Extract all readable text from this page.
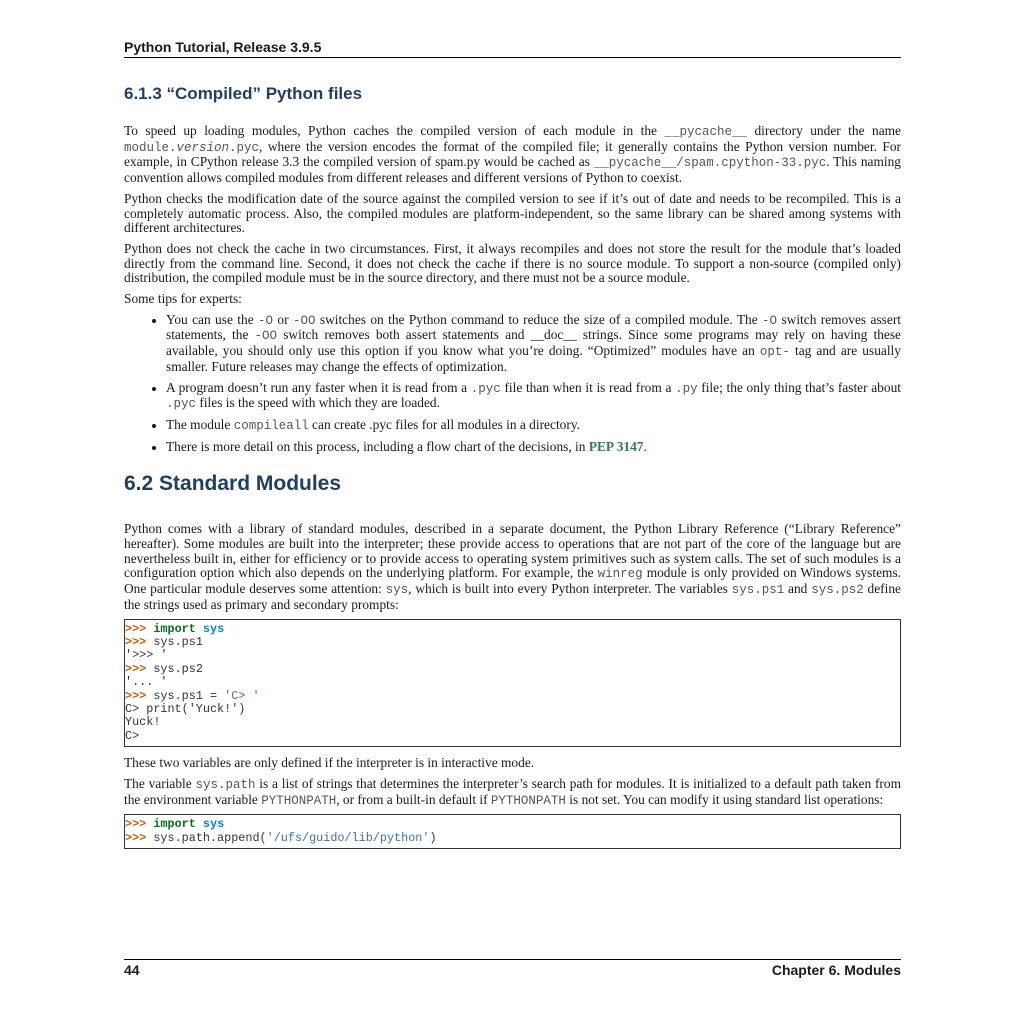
Python Tutorial, Release 3.9.5
6.1.3 “Compiled” Python files

To speed up loading modules, Python caches the compiled version of each module in the __pycache__ directory under the name module.version.pyc, where the version encodes the format of the compiled file; it generally contains the Python version number. For example, in CPython release 3.3 the compiled version of spam.py would be cached as __pycache__/spam.cpython-33.pyc. This naming convention allows compiled modules from different releases and different versions of Python to coexist.

Python checks the modification date of the source against the compiled version to see if it’s out of date and needs to be recompiled. This is a completely automatic process. Also, the compiled modules are platform-independent, so the same library can be shared among systems with different architectures.

Python does not check the cache in two circumstances. First, it always recompiles and does not store the result for the module that’s loaded directly from the command line. Second, it does not check the cache if there is no source module. To support a non-source (compiled only) distribution, the compiled module must be in the source directory, and there must not be a source module.

Some tips for experts:

• You can use the -O or -OO switches on the Python command to reduce the size of a compiled module. The -O switch removes assert statements, the -OO switch removes both assert statements and __doc__ strings. Since some programs may rely on having these available, you should only use this option if you know what you’re doing. “Optimized” modules have an opt- tag and are usually smaller. Future releases may change the effects of optimization.
• A program doesn’t run any faster when it is read from a .pyc file than when it is read from a .py file; the only thing that’s faster about .pyc files is the speed with which they are loaded.
• The module compileall can create .pyc files for all modules in a directory.
• There is more detail on this process, including a flow chart of the decisions, in PEP 3147.
6.2 Standard Modules

Python comes with a library of standard modules, described in a separate document, the Python Library Reference (“Library Reference” hereafter). Some modules are built into the interpreter; these provide access to operations that are not part of the core of the language but are nevertheless built in, either for efficiency or to provide access to operating system primitives such as system calls. The set of such modules is a configuration option which also depends on the underlying platform. For example, the winreg module is only provided on Windows systems. One particular module deserves some attention: sys, which is built into every Python interpreter. The variables sys.ps1 and sys.ps2 define the strings used as primary and secondary prompts:

>>> import sys
>>> sys.ps1
'>>> '
>>> sys.ps2
'... '
>>> sys.ps1 = 'C> '
C> print('Yuck!')
Yuck!
C>

These two variables are only defined if the interpreter is in interactive mode.

The variable sys.path is a list of strings that determines the interpreter’s search path for modules. It is initialized to a default path taken from the environment variable PYTHONPATH, or from a built-in default if PYTHONPATH is not set. You can modify it using standard list operations:

>>> import sys
>>> sys.path.append('/ufs/guido/lib/python')
44	Chapter 6. Modules
